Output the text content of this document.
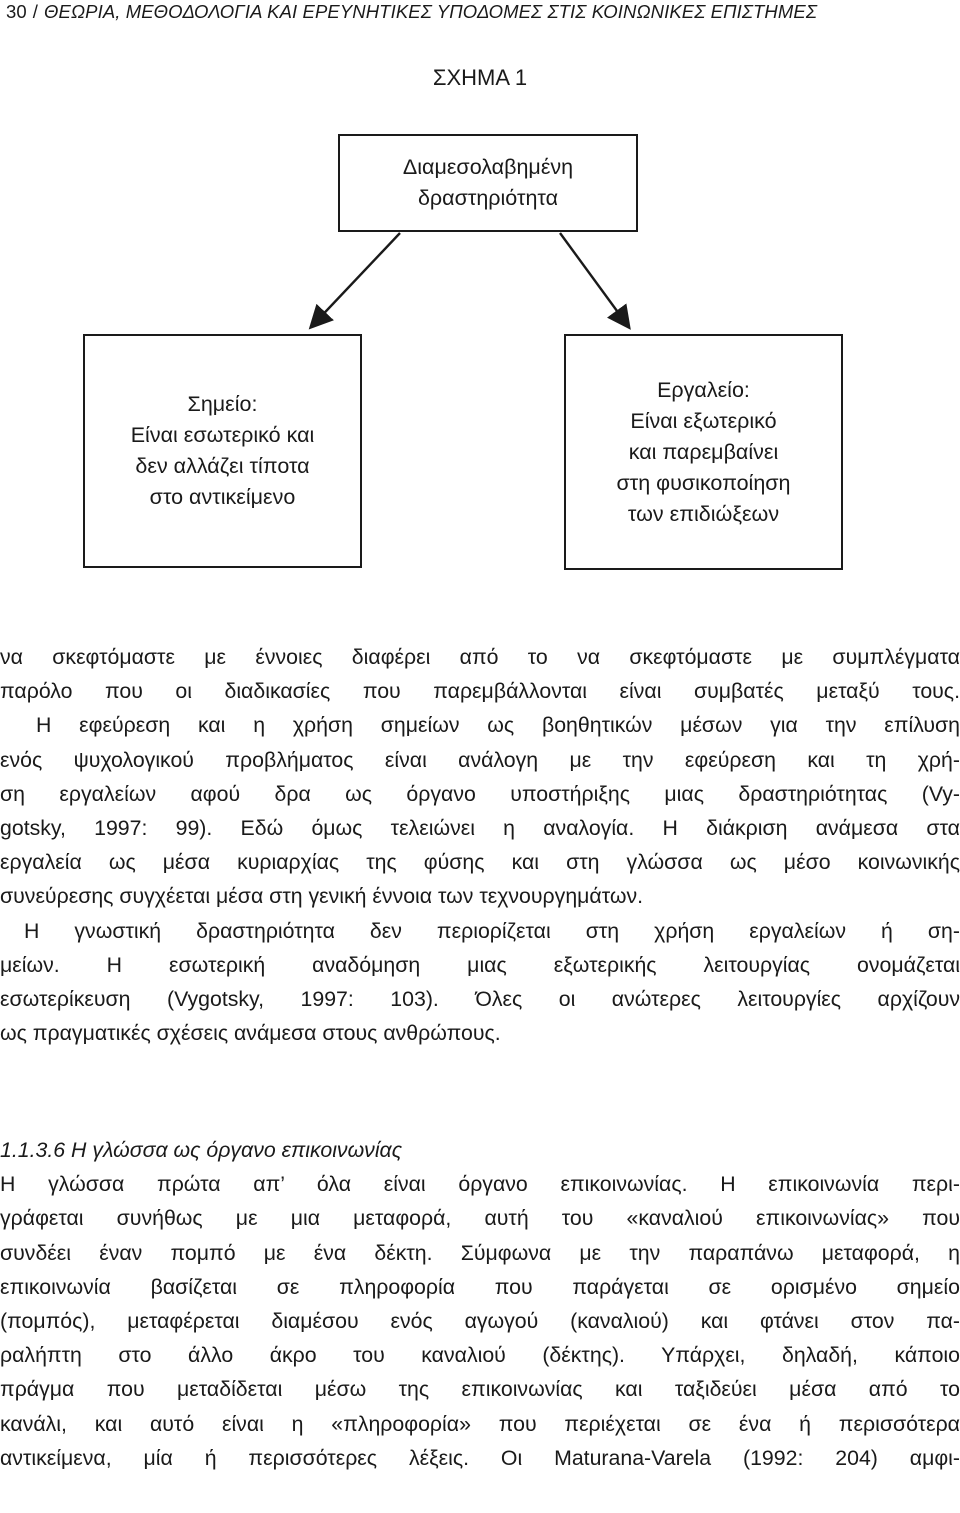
30 / ΘΕΩΡΙΑ, ΜΕΘΟΔΟΛΟΓΙΑ ΚΑΙ ΕΡΕΥΝΗΤΙΚΕΣ ΥΠΟΔΟΜΕΣ ΣΤΙΣ ΚΟΙΝΩΝΙΚΕΣ ΕΠΙΣΤΗΜΕΣ
ΣΧΗΜΑ 1
Διαμεσολαβημένη
δραστηριότητα
Σημείο:
Είναι εσωτερικό και
δεν αλλάζει τίποτα
στο αντικείμενο
Εργαλείο:
Είναι εξωτερικό
και παρεμβαίνει
στη φυσικοποίηση
των επιδιώξεων
να σκεφτόμαστε με έννοιες διαφέρει από το να σκεφτόμαστε με συμπλέγματα
παρόλο που οι διαδικασίες που παρεμβάλλονται είναι συμβατές μεταξύ τους.
Η εφεύρεση και η χρήση σημείων ως βοηθητικών μέσων για την επίλυση
ενός ψυχολογικού προβλήματος είναι ανάλογη με την εφεύρεση και τη χρή-
ση εργαλείων αφού δρα ως όργανο υποστήριξης μιας δραστηριότητας (Vy-
gotsky, 1997: 99). Εδώ όμως τελειώνει η αναλογία. Η διάκριση ανάμεσα στα
εργαλεία ως μέσα κυριαρχίας της φύσης και στη γλώσσα ως μέσο κοινωνικής
συνεύρεσης συγχέεται μέσα στη γενική έννοια των τεχνουργημάτων.
Η γνωστική δραστηριότητα δεν περιορίζεται στη χρήση εργαλείων ή ση-
μείων. Η εσωτερική αναδόμηση μιας εξωτερικής λειτουργίας ονομάζεται
εσωτερίκευση (Vygotsky, 1997: 103). Όλες οι ανώτερες λειτουργίες αρχίζουν
ως πραγματικές σχέσεις ανάμεσα στους ανθρώπους.
1.1.3.6 Η γλώσσα ως όργανο επικοινωνίας
Η γλώσσα πρώτα απ’ όλα είναι όργανο επικοινωνίας. Η επικοινωνία περι-
γράφεται συνήθως με μια μεταφορά, αυτή του «καναλιού επικοινωνίας» που
συνδέει έναν πομπό με ένα δέκτη. Σύμφωνα με την παραπάνω μεταφορά, η
επικοινωνία βασίζεται σε πληροφορία που παράγεται σε ορισμένο σημείο
(πομπός), μεταφέρεται διαμέσου ενός αγωγού (καναλιού) και φτάνει στον πα-
ραλήπτη στο άλλο άκρο του καναλιού (δέκτης). Υπάρχει, δηλαδή, κάποιο
πράγμα που μεταδίδεται μέσω της επικοινωνίας και ταξιδεύει μέσα από το
κανάλι, και αυτό είναι η «πληροφορία» που περιέχεται σε ένα ή περισσότερα
αντικείμενα, μία ή περισσότερες λέξεις. Οι Maturana-Varela (1992: 204) αμφι-
